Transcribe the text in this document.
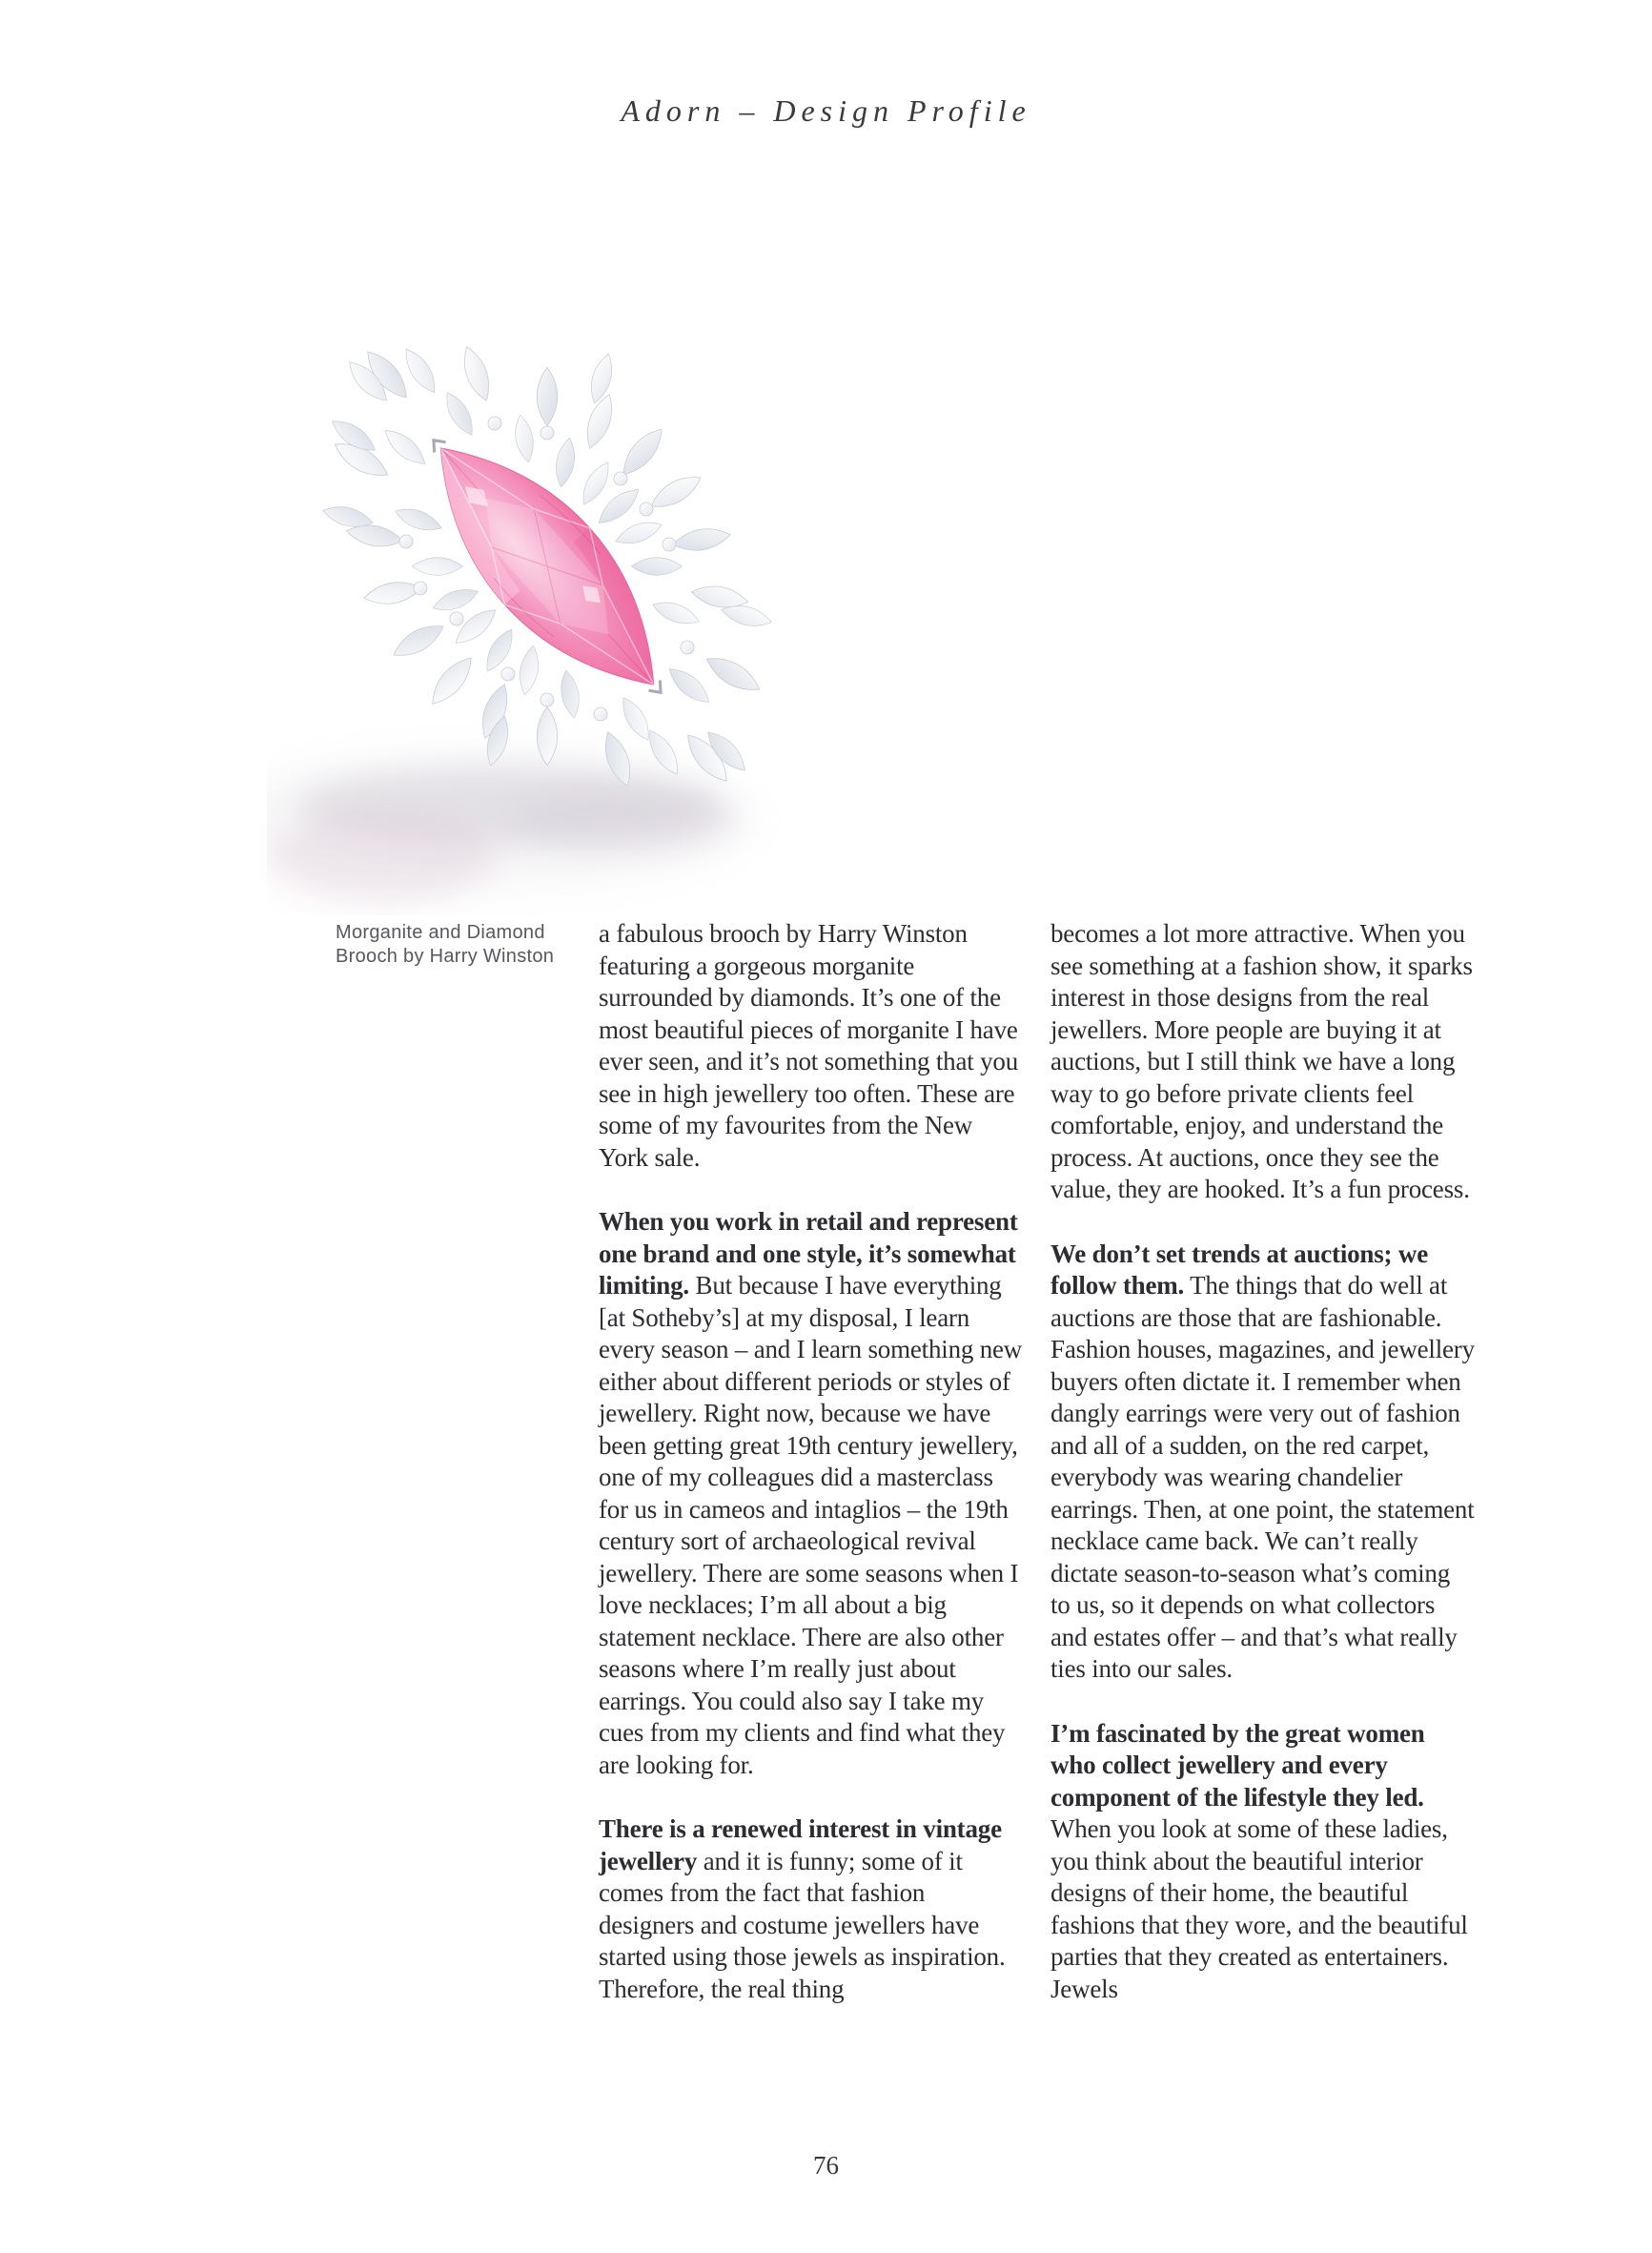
Adorn – Design Profile
Morganite and Diamond
Brooch by Harry Winston

a fabulous brooch by Harry Winston featuring a gorgeous morganite surrounded by diamonds. It’s one of the most beautiful pieces of morganite I have ever seen, and it’s not something that you see in high jewellery too often. These are some of my favourites from the New York sale.

When you work in retail and represent one brand and one style, it’s somewhat limiting. But because I have everything [at Sotheby’s] at my disposal, I learn every season – and I learn something new either about different periods or styles of jewellery. Right now, because we have been getting great 19th century jewellery, one of my colleagues did a masterclass for us in cameos and intaglios – the 19th century sort of archaeological revival jewellery. There are some seasons when I love necklaces; I’m all about a big statement necklace. There are also other seasons where I’m really just about earrings. You could also say I take my cues from my clients and find what they are looking for.

There is a renewed interest in vintage jewellery and it is funny; some of it comes from the fact that fashion designers and costume jewellers have started using those jewels as inspiration. Therefore, the real thing

becomes a lot more attractive. When you see something at a fashion show, it sparks interest in those designs from the real jewellers. More people are buying it at auctions, but I still think we have a long way to go before private clients feel comfortable, enjoy, and understand the process. At auctions, once they see the value, they are hooked. It’s a fun process.

We don’t set trends at auctions; we follow them. The things that do well at auctions are those that are fashionable. Fashion houses, magazines, and jewellery buyers often dictate it. I remember when dangly earrings were very out of fashion and all of a sudden, on the red carpet, everybody was wearing chandelier earrings. Then, at one point, the statement necklace came back. We can’t really dictate season-to-season what’s coming to us, so it depends on what collectors and estates offer – and that’s what really ties into our sales.

I’m fascinated by the great women who collect jewellery and every component of the lifestyle they led. When you look at some of these ladies, you think about the beautiful interior designs of their home, the beautiful fashions that they wore, and the beautiful parties that they created as entertainers. Jewels

76
